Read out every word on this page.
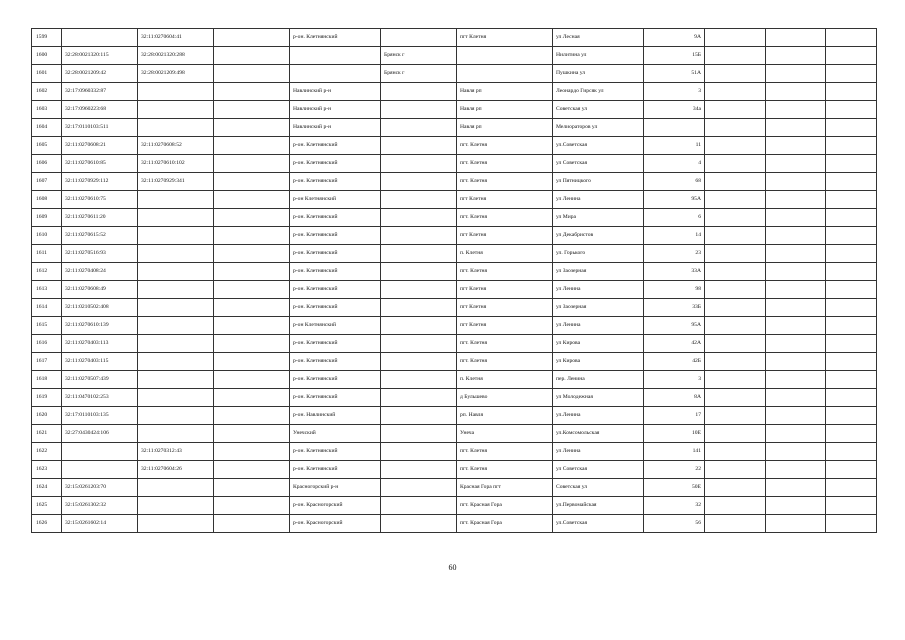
1599		32:11:0270604:41		р-он. Клетнянский		пгт Клетня	ул Лесная	9А			
1600	32:28:0021320:115	32:28:0021320:288			Брянск г		Нилитина ул	15Б			
1601	32:28:0021209:42	32:28:0021209:498			Брянск г		Пушкина ул	51А			
1602	32:17:0960332:87			Навлинский р-н		Навля рп	Леонардо Гирсяк ул	3			
1603	32:17:0960223:68			Навлинский р-н		Навля рп	Советская ул	34а			
1604	32:17:0110103:511			Навлинский р-н		Навля рп	Мелиораторов ул				
1605	32:11:0270608:21	32:11:0270608:52		р-он. Клетнянский		пгт. Клетня	ул.Советская	11			
1606	32:11:0270610:85	32:11:0270610:102		р-он. Клетнянский		пгт. Клетня	ул Советская	4			
1607	32:11:0270929:112	32:11:0270929:341		р-он. Клетнянский		пгт. Клетня	ул Пятницкого	68			
1608	32:11:0270610:75			р-он Клетнянский		пгт Клетня	ул Ленина	95А			
1609	32:11:0270611:20			р-он. Клетнянский		пгт. Клетня	ул Мира	6			
1610	32:11:0270615:52			р-он. Клетнянский		пгт Клетня	ул Декабристов	14			
1611	32:11:0270516:93			р-он. Клетнянский		п. Клетня	ул. Горького	23			
1612	32:11:0270408:24			р-он. Клетнянский		пгт. Клетня	ул Заозерная	33А			
1613	32:11:0270608:49			р-он. Клетнянский		пгт Клетня	ул Ленина	98			
1614	32:11:0210502:408			р-он. Клетнянский		пгт Клетня	ул Заозерная	33Б			
1615	32:11:0270610:139			р-он Клетнянский		пгт Клетня	ул Ленина	95А			
1616	32:11:0270403:113			р-он. Клетнянский		пгт. Клетня	ул Кирова	42А			
1617	32:11:0270403:115			р-он. Клетнянский		пгт. Клетня	ул Кирова	42Б			
1618	32:11:0270507:439			р-он. Клетнянский		п. Клетня	пер. Ленина	3			
1619	32:11:0470102:253			р-он. Клетнянский		д Бульшево	ул Молодежная	8А			
1620	32:17:0110103:135			р-он. Навлинский		рп. Навля	ул.Ленина	17			
1621	32:27:0430424:106			Унечский		Унеча	ул.Комсомольская	10Е			
1622		32:11:0270312:43		р-он. Клетнянский		пгт. Клетня	ул Ленина	141			
1623		32:11:0270604:26		р-он. Клетнянский		пгт. Клетня	ул Советская	22			
1624	32:15:0261203:70			Красногорский р-н		Красная Гора пгт	Советская ул	50Е			
1625	32:15:0261302:32			р-он. Красногорский		пгт. Красная Гора	ул.Первомайская	32			
1626	32:15:0261602:14			р-он. Красногорский		пгт. Красная Гора	ул.Советская	56			
60
